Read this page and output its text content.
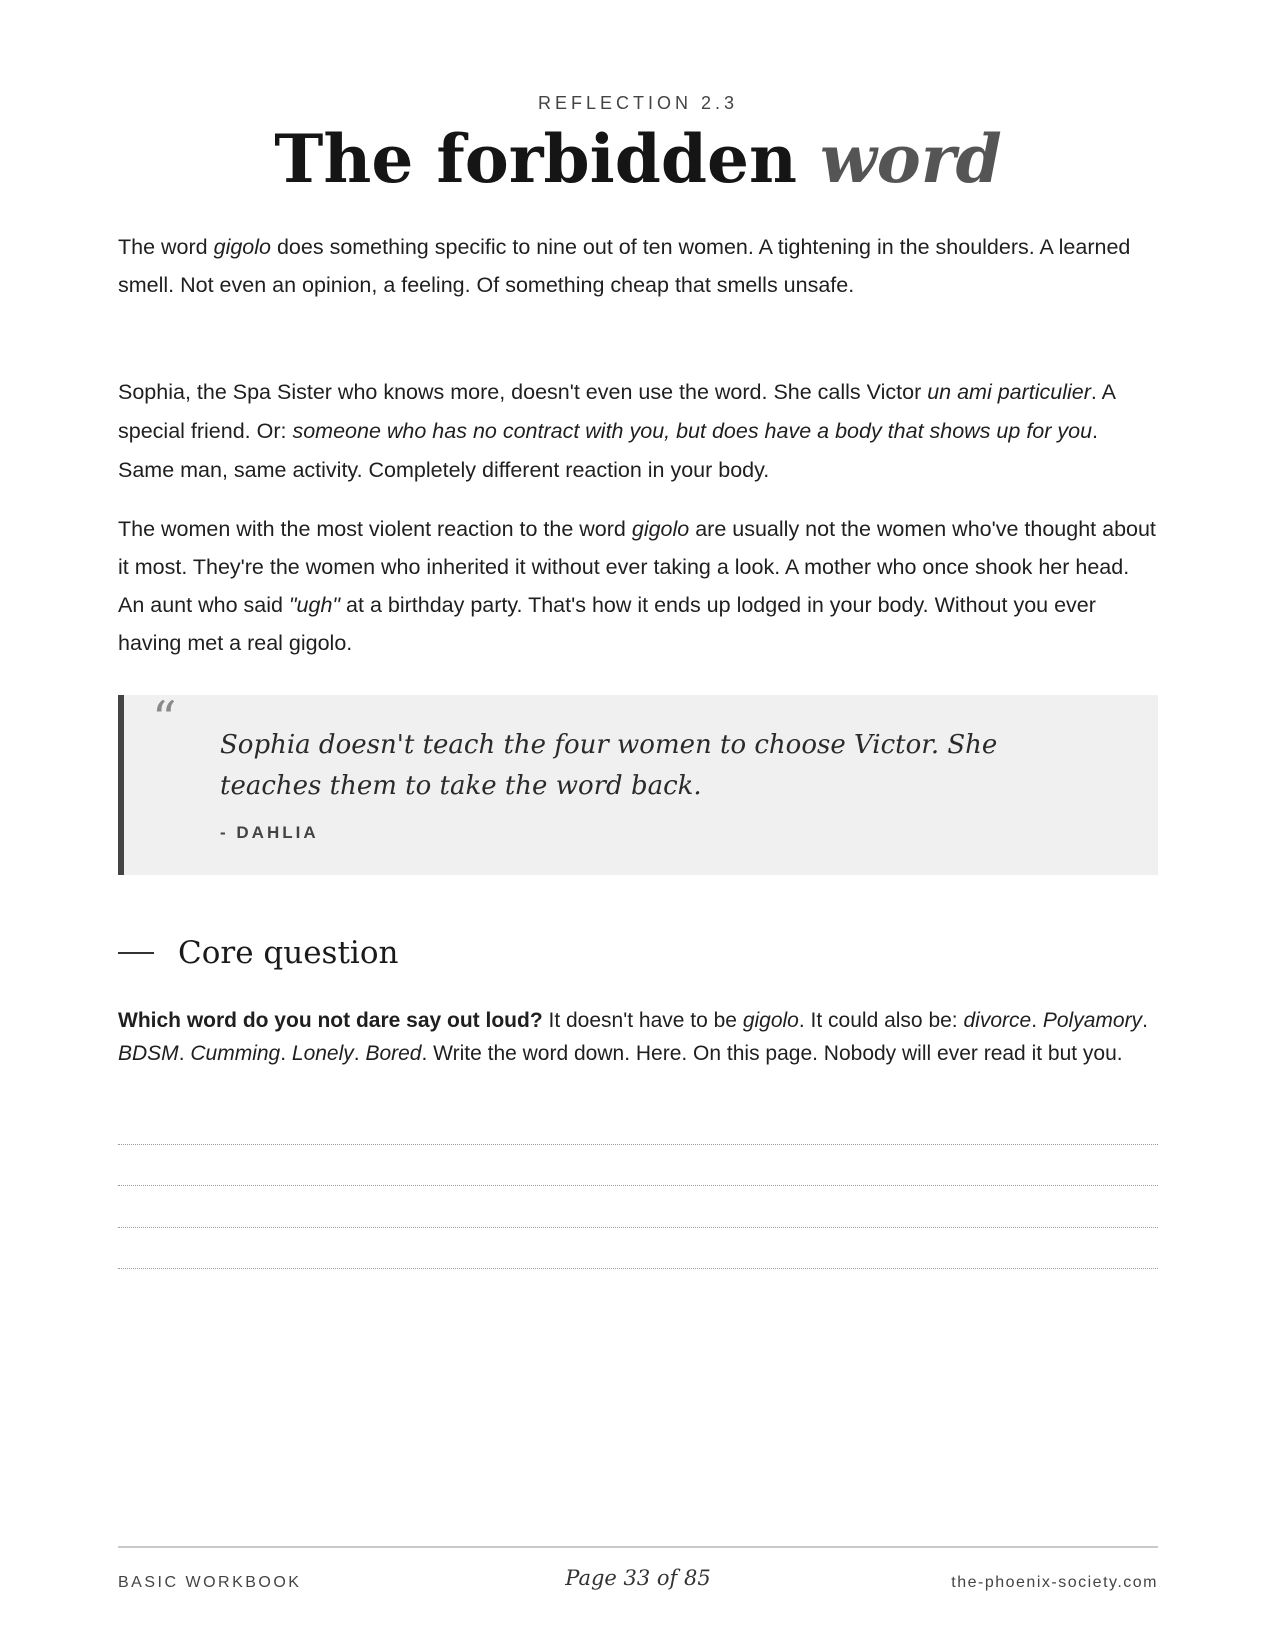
REFLECTION 2.3
The forbidden word

The word gigolo does something specific to nine out of ten women. A tightening in the shoulders. A learned smell. Not even an opinion, a feeling. Of something cheap that smells unsafe.

Sophia, the Spa Sister who knows more, doesn't even use the word. She calls Victor un ami particulier. A special friend. Or: someone who has no contract with you, but does have a body that shows up for you. Same man, same activity. Completely different reaction in your body.

The women with the most violent reaction to the word gigolo are usually not the women who've thought about it most. They're the women who inherited it without ever taking a look. A mother who once shook her head. An aunt who said "ugh" at a birthday party. That's how it ends up lodged in your body. Without you ever having met a real gigolo.

“ Sophia doesn't teach the four women to choose Victor. She teaches them to take the word back.
- DAHLIA
Core question

Which word do you not dare say out loud? It doesn't have to be gigolo. It could also be: divorce. Polyamory. BDSM. Cumming. Lonely. Bored. Write the word down. Here. On this page. Nobody will ever read it but you.

BASIC WORKBOOK	Page 33 of 85	the-phoenix-society.com
